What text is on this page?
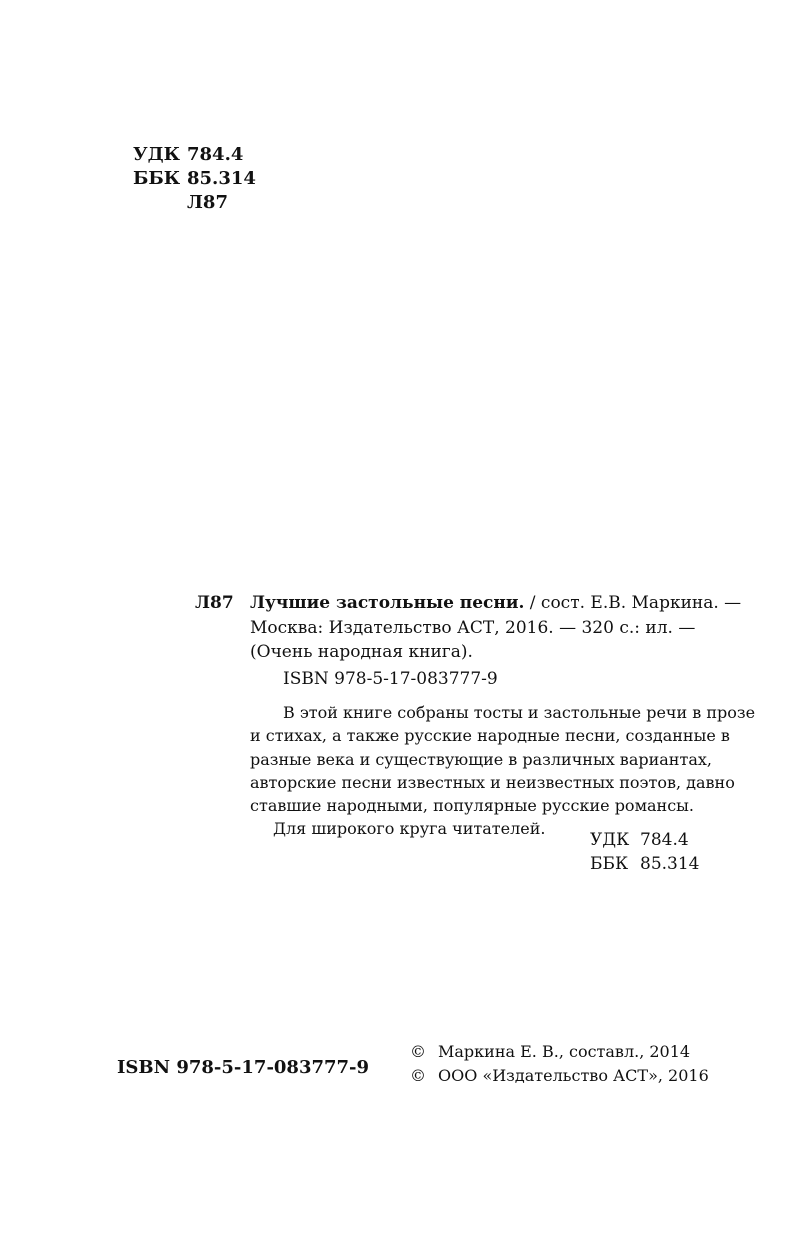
УДК 784.4
ББК 85.314
Л87
Л87 Лучшие застольные песни. / сост. Е.В. Маркина. —
Москва: Издательство АСТ, 2016. — 320 с.: ил. —
(Очень народная книга).
ISBN 978-5-17-083777-9
В этой книге собраны тосты и застольные речи в прозе
и стихах, а также русские народные песни, созданные в
разные века и существующие в различных вариантах,
авторские песни известных и неизвестных поэтов, давно
ставшие народными, популярные русские романсы.
Для широкого круга читателей.
УДК 784.4
ББК 85.314
ISBN 978-5-17-083777-9
© Маркина Е. В., составл., 2014
© ООО «Издательство АСТ», 2016
